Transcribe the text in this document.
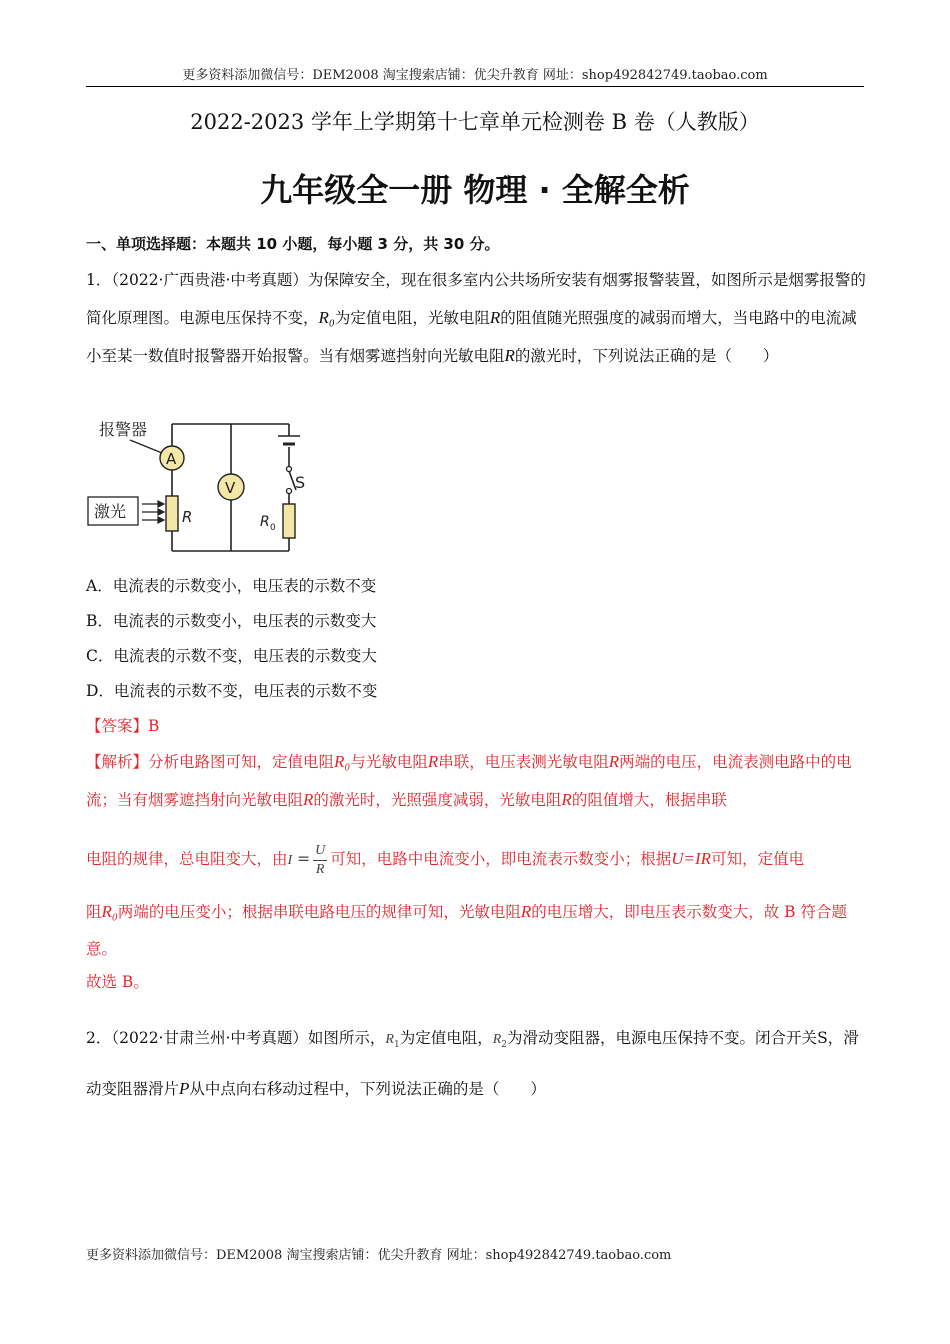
更多资料添加微信号：DEM2008 淘宝搜索店铺：优尖升教育 网址：shop492842749.taobao.com
2022-2023 学年上学期第十七章单元检测卷 B 卷（人教版）
九年级全一册 物理 · 全解全析
一、单项选择题：本题共 10 小题，每小题 3 分，共 30 分。
1．（2022·广西贵港·中考真题）为保障安全，现在很多室内公共场所安装有烟雾报警装置，如图所示是烟雾报警的简化原理图。电源电压保持不变，R₀为定值电阻，光敏电阻R的阻值随光照强度的减弱而增大，当电路中的电流减小至某一数值时报警器开始报警。当有烟雾遮挡射向光敏电阻R的激光时，下列说法正确的是（　　）
S
R 0
A
V
R
报警器
激光
A．电流表的示数变小，电压表的示数不变
B．电流表的示数变小，电压表的示数变大
C．电流表的示数不变，电压表的示数变大
D．电流表的示数不变，电压表的示数不变
【答案】B
【解析】分析电路图可知，定值电阻R₀与光敏电阻R串联，电压表测光敏电阻R两端的电压，电流表测电路中的电流；当有烟雾遮挡射向光敏电阻R的激光时，光照强度减弱，光敏电阻R的阻值增大，根据串联
电阻的规律，总电阻变大，由$I = \frac{U}{R}$ 可知，电路中电流变小，即电流表示数变小；根据U=IR可知，定值电
阻R₀两端的电压变小；根据串联电路电压的规律可知，光敏电阻R的电压增大，即电压表示数变大，故 B 符合题意。
故选 B。
2．（2022·甘肃兰州·中考真题）如图所示，$R_1$为定值电阻，$R_2$为滑动变阻器，电源电压保持不变。闭合开关S，滑动变阻器滑片P从中点向右移动过程中，下列说法正确的是（　　）
更多资料添加微信号：DEM2008 淘宝搜索店铺：优尖升教育 网址：shop492842749.taobao.com
